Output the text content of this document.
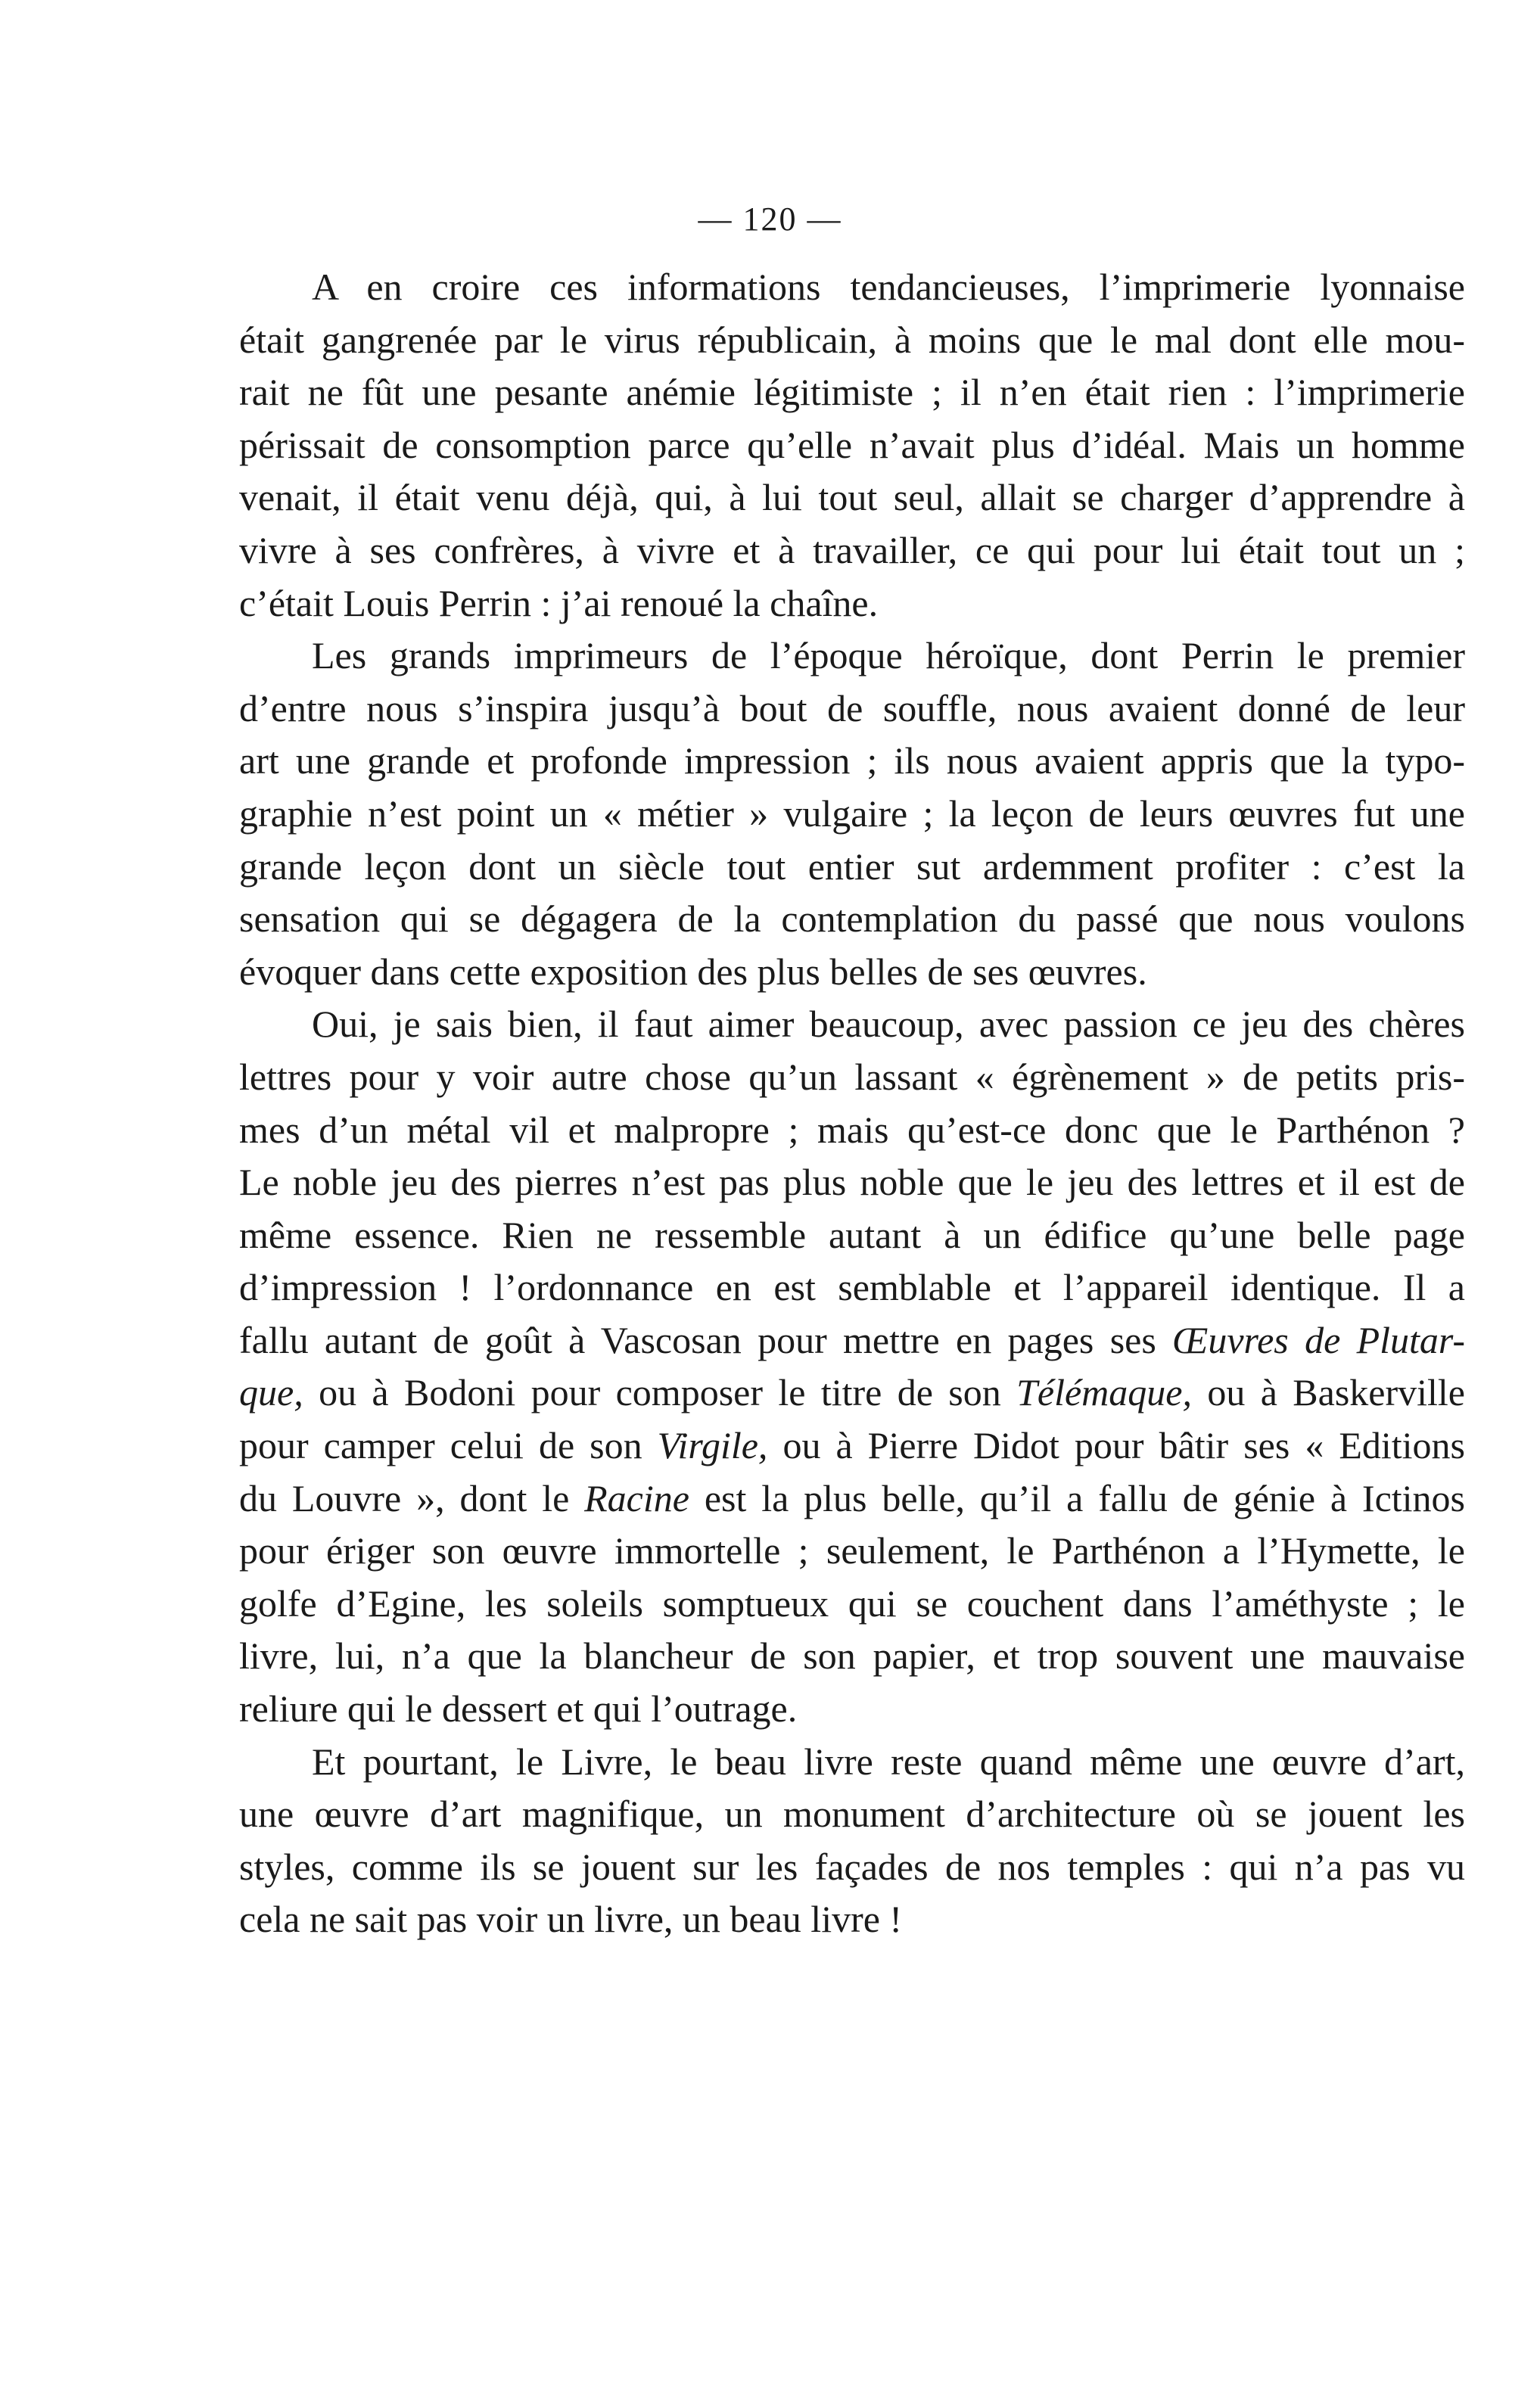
— 120 —

A en croire ces informations tendancieuses, l’imprimerie lyonnaise
était gangrenée par le virus républicain, à moins que le mal dont elle mou-
rait ne fût une pesante anémie légitimiste ; il n’en était rien : l’imprimerie
périssait de consomption parce qu’elle n’avait plus d’idéal. Mais un homme
venait, il était venu déjà, qui, à lui tout seul, allait se charger d’apprendre à
vivre à ses confrères, à vivre et à travailler, ce qui pour lui était tout un ;
c’était Louis Perrin : j’ai renoué la chaîne.

Les grands imprimeurs de l’époque héroïque, dont Perrin le premier
d’entre nous s’inspira jusqu’à bout de souffle, nous avaient donné de leur
art une grande et profonde impression ; ils nous avaient appris que la typo-
graphie n’est point un « métier » vulgaire ; la leçon de leurs œuvres fut une
grande leçon dont un siècle tout entier sut ardemment profiter : c’est la
sensation qui se dégagera de la contemplation du passé que nous voulons
évoquer dans cette exposition des plus belles de ses œuvres.

Oui, je sais bien, il faut aimer beaucoup, avec passion ce jeu des chères
lettres pour y voir autre chose qu’un lassant « égrènement » de petits pris-
mes d’un métal vil et malpropre ; mais qu’est-ce donc que le Parthénon ?
Le noble jeu des pierres n’est pas plus noble que le jeu des lettres et il est de
même essence. Rien ne ressemble autant à un édifice qu’une belle page
d’impression ! l’ordonnance en est semblable et l’appareil identique. Il a
fallu autant de goût à Vascosan pour mettre en pages ses Œuvres de Plutar-
que, ou à Bodoni pour composer le titre de son Télémaque, ou à Baskerville
pour camper celui de son Virgile, ou à Pierre Didot pour bâtir ses « Editions
du Louvre », dont le Racine est la plus belle, qu’il a fallu de génie à Ictinos
pour ériger son œuvre immortelle ; seulement, le Parthénon a l’Hymette, le
golfe d’Egine, les soleils somptueux qui se couchent dans l’améthyste ; le
livre, lui, n’a que la blancheur de son papier, et trop souvent une mauvaise
reliure qui le dessert et qui l’outrage.

Et pourtant, le Livre, le beau livre reste quand même une œuvre d’art,
une œuvre d’art magnifique, un monument d’architecture où se jouent les
styles, comme ils se jouent sur les façades de nos temples : qui n’a pas vu
cela ne sait pas voir un livre, un beau livre !
